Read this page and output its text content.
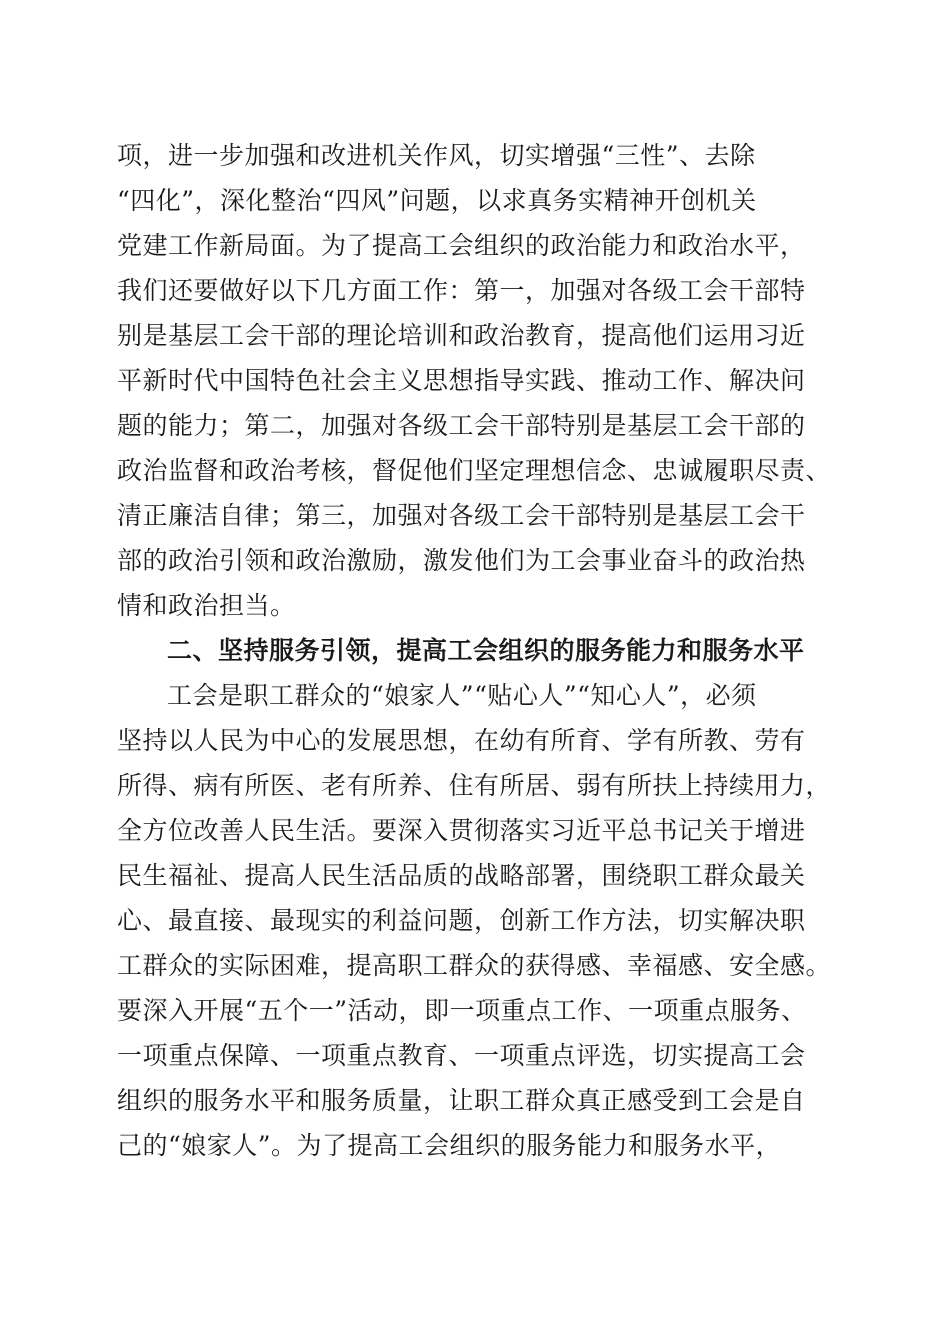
项，进一步加强和改进机关作风，切实增强“三性”、去除
“四化”，深化整治“四风”问题，以求真务实精神开创机关
党建工作新局面。为了提高工会组织的政治能力和政治水平，
我们还要做好以下几方面工作：第一，加强对各级工会干部特
别是基层工会干部的理论培训和政治教育，提高他们运用习近
平新时代中国特色社会主义思想指导实践、推动工作、解决问
题的能力；第二，加强对各级工会干部特别是基层工会干部的
政治监督和政治考核，督促他们坚定理想信念、忠诚履职尽责、
清正廉洁自律；第三，加强对各级工会干部特别是基层工会干
部的政治引领和政治激励，激发他们为工会事业奋斗的政治热
情和政治担当。
二、坚持服务引领，提高工会组织的服务能力和服务水平
工会是职工群众的“娘家人”“贴心人”“知心人”，必须
坚持以人民为中心的发展思想，在幼有所育、学有所教、劳有
所得、病有所医、老有所养、住有所居、弱有所扶上持续用力，
全方位改善人民生活。要深入贯彻落实习近平总书记关于增进
民生福祉、提高人民生活品质的战略部署，围绕职工群众最关
心、最直接、最现实的利益问题，创新工作方法，切实解决职
工群众的实际困难，提高职工群众的获得感、幸福感、安全感。
要深入开展“五个一”活动，即一项重点工作、一项重点服务、
一项重点保障、一项重点教育、一项重点评选，切实提高工会
组织的服务水平和服务质量，让职工群众真正感受到工会是自
己的“娘家人”。为了提高工会组织的服务能力和服务水平，
